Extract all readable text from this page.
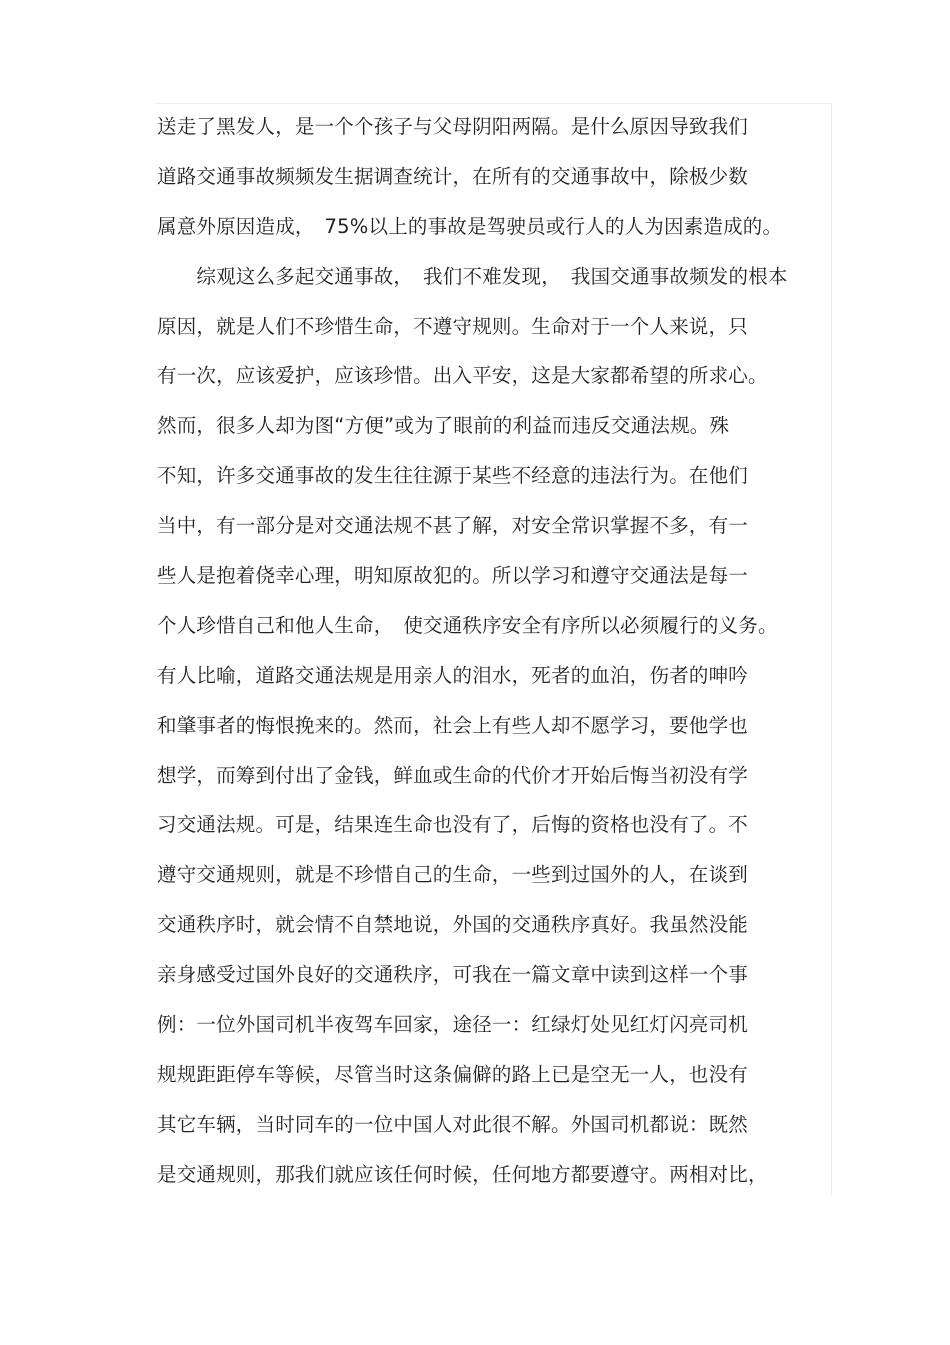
送走了黑发人，是一个个孩子与父母阴阳两隔。是什么原因导致我们
道路交通事故频频发生据调查统计，在所有的交通事故中，除极少数
属意外原因造成，　75%以上的事故是驾驶员或行人的人为因素造成的。
　　综观这么多起交通事故，　我们不难发现，　我国交通事故频发的根本
原因，就是人们不珍惜生命，不遵守规则。生命对于一个人来说，只
有一次，应该爱护，应该珍惜。出入平安，这是大家都希望的所求心。
然而，很多人却为图“方便”或为了眼前的利益而违反交通法规。殊
不知，许多交通事故的发生往往源于某些不经意的违法行为。在他们
当中，有一部分是对交通法规不甚了解，对安全常识掌握不多，有一
些人是抱着侥幸心理，明知原故犯的。所以学习和遵守交通法是每一
个人珍惜自己和他人生命，　使交通秩序安全有序所以必须履行的义务。
有人比喻，道路交通法规是用亲人的泪水，死者的血泊，伤者的呻吟
和肇事者的悔恨挽来的。然而，社会上有些人却不愿学习，要他学也
想学，而筹到付出了金钱，鲜血或生命的代价才开始后悔当初没有学
习交通法规。可是，结果连生命也没有了，后悔的资格也没有了。不
遵守交通规则，就是不珍惜自己的生命，一些到过国外的人，在谈到
交通秩序时，就会情不自禁地说，外国的交通秩序真好。我虽然没能
亲身感受过国外良好的交通秩序，可我在一篇文章中读到这样一个事
例：一位外国司机半夜驾车回家，途径一：红绿灯处见红灯闪亮司机
规规距距停车等候，尽管当时这条偏僻的路上已是空无一人，也没有
其它车辆，当时同车的一位中国人对此很不解。外国司机都说：既然
是交通规则，那我们就应该任何时候，任何地方都要遵守。两相对比，
